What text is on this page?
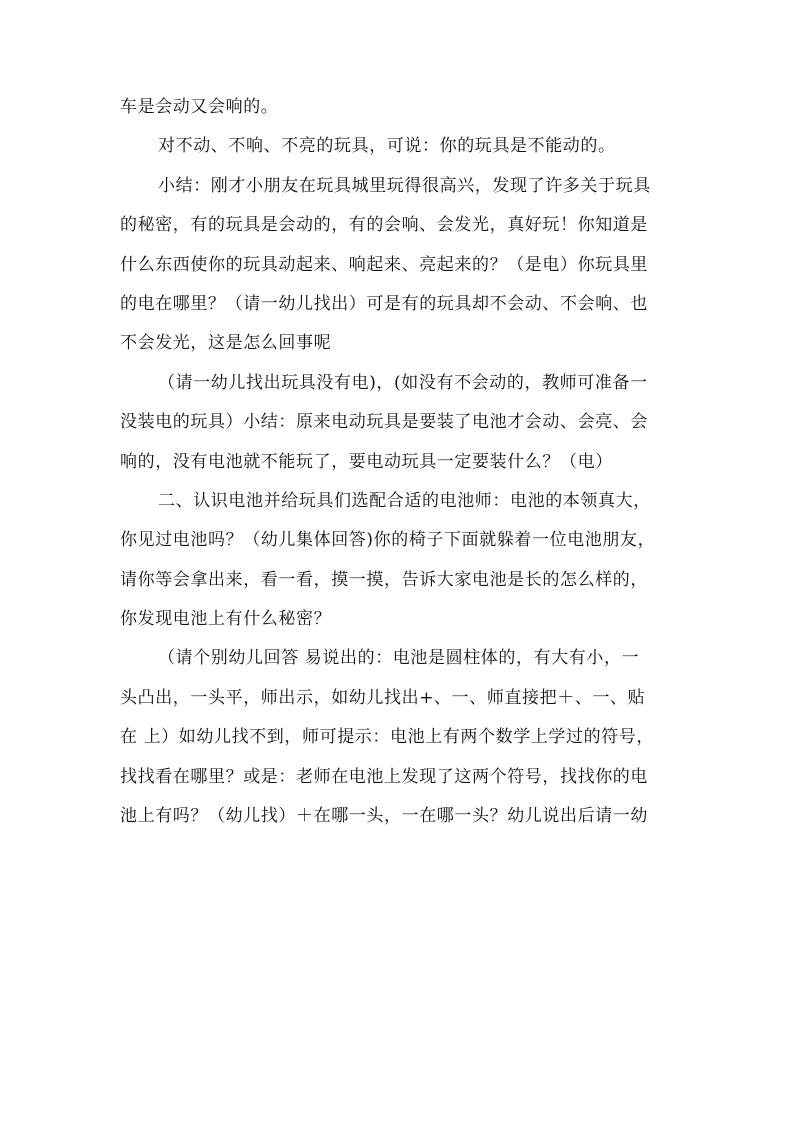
车是会动又会响的。
对不动、不响、不亮的玩具，可说：你的玩具是不能动的。
小结：刚才小朋友在玩具城里玩得很高兴，发现了许多关于玩具
的秘密，有的玩具是会动的，有的会响、会发光，真好玩！你知道是
什么东西使你的玩具动起来、响起来、亮起来的？（是电）你玩具里
的电在哪里？（请一幼儿找出）可是有的玩具却不会动、不会响、也
不会发光，这是怎么回事呢
（请一幼儿找出玩具没有电)，(如没有不会动的，教师可准备一
没装电的玩具）小结：原来电动玩具是要装了电池才会动、会亮、会
响的，没有电池就不能玩了，要电动玩具一定要装什么？（电）
二、认识电池并给玩具们选配合适的电池师：电池的本领真大，
你见过电池吗？（幼儿集体回答)你的椅子下面就躲着一位电池朋友，
请你等会拿出来，看一看，摸一摸，告诉大家电池是长的怎么样的，
你发现电池上有什么秘密？
（请个别幼儿回答 易说出的：电池是圆柱体的，有大有小，一
头凸出，一头平，师出示，如幼儿找出+、一、师直接把＋、一、贴
在 上）如幼儿找不到，师可提示：电池上有两个数学上学过的符号，
找找看在哪里？或是：老师在电池上发现了这两个符号，找找你的电
池上有吗？（幼儿找）＋在哪一头，一在哪一头？幼儿说出后请一幼
